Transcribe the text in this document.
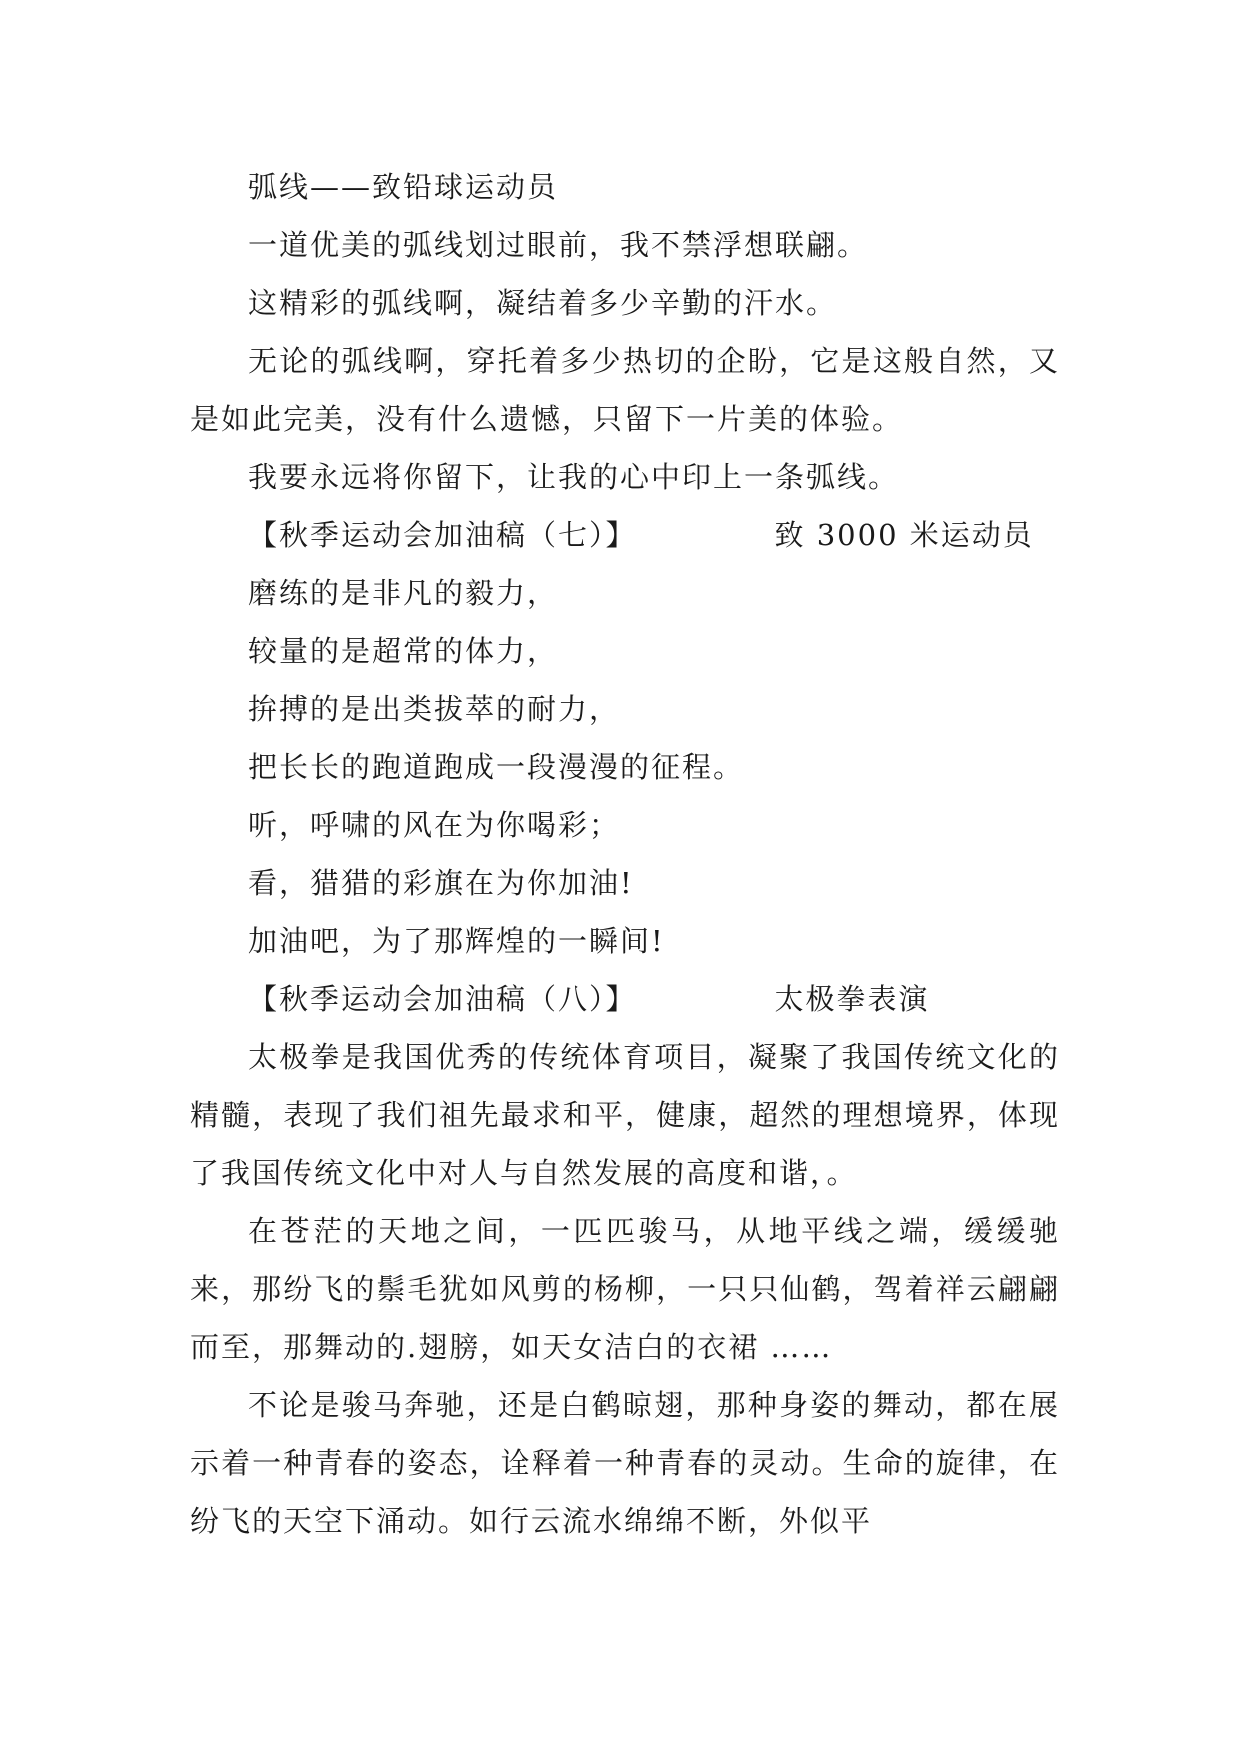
弧线——致铅球运动员

一道优美的弧线划过眼前，我不禁浮想联翩。

这精彩的弧线啊，凝结着多少辛勤的汗水。

无论的弧线啊，穿托着多少热切的企盼，它是这般自然，又是如此完美，没有什么遗憾，只留下一片美的体验。

我要永远将你留下，让我的心中印上一条弧线。

【秋季运动会加油稿（七）】	致 3000 米运动员

磨练的是非凡的毅力，

较量的是超常的体力，

拚搏的是出类拔萃的耐力，

把长长的跑道跑成一段漫漫的征程。

听，呼啸的风在为你喝彩；

看，猎猎的彩旗在为你加油!

加油吧，为了那辉煌的一瞬间!

【秋季运动会加油稿（八）】	太极拳表演

太极拳是我国优秀的传统体育项目，凝聚了我国传统文化的精髓，表现了我们祖先最求和平，健康，超然的理想境界，体现了我国传统文化中对人与自然发展的高度和谐，。

在苍茫的天地之间，一匹匹骏马，从地平线之端，缓缓驰来，那纷飞的鬃毛犹如风剪的杨柳，一只只仙鹤，驾着祥云翩翩而至，那舞动的.翅膀，如天女洁白的衣裙 ……

不论是骏马奔驰，还是白鹤晾翅，那种身姿的舞动，都在展示着一种青春的姿态，诠释着一种青春的灵动。生命的旋律，在纷飞的天空下涌动。如行云流水绵绵不断，外似平
